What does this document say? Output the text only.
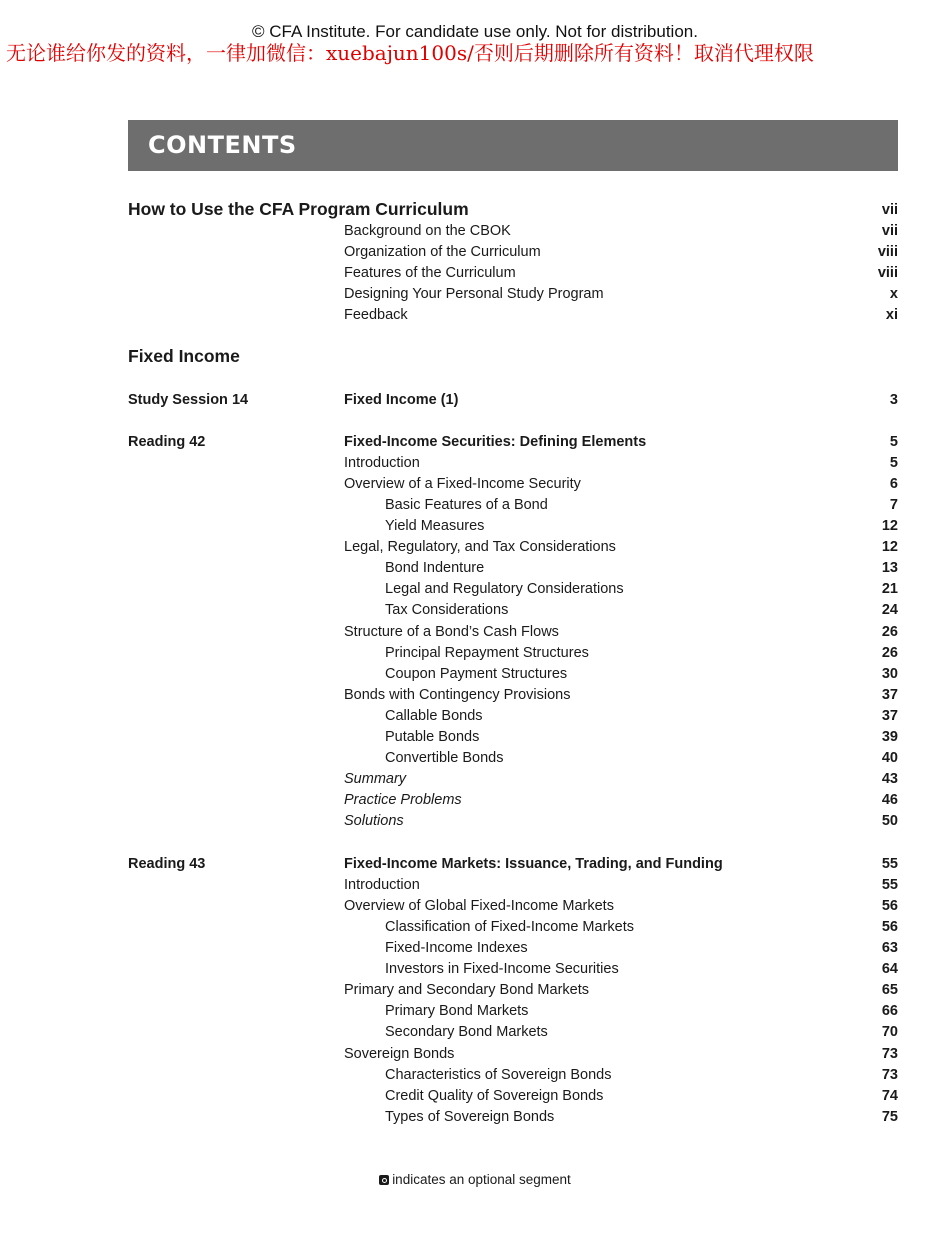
© CFA Institute. For candidate use only. Not for distribution.
无论谁给你发的资料，一律加微信：xuebajun100s/否则后期删除所有资料！取消代理权限
CONTENTS
How to Use the CFA Program Curriculum	vii
Background on the CBOK	vii
Organization of the Curriculum	viii
Features of the Curriculum	viii
Designing Your Personal Study Program	x
Feedback	xi
Fixed Income
Study Session 14	Fixed Income (1)	3
Reading 42	Fixed-Income Securities: Defining Elements	5
Introduction	5
Overview of a Fixed-Income Security	6
Basic Features of a Bond	7
Yield Measures	12
Legal, Regulatory, and Tax Considerations	12
Bond Indenture	13
Legal and Regulatory Considerations	21
Tax Considerations	24
Structure of a Bond’s Cash Flows	26
Principal Repayment Structures	26
Coupon Payment Structures	30
Bonds with Contingency Provisions	37
Callable Bonds	37
Putable Bonds	39
Convertible Bonds	40
Summary	43
Practice Problems	46
Solutions	50
Reading 43	Fixed-Income Markets: Issuance, Trading, and Funding	55
Introduction	55
Overview of Global Fixed-Income Markets	56
Classification of Fixed-Income Markets	56
Fixed-Income Indexes	63
Investors in Fixed-Income Securities	64
Primary and Secondary Bond Markets	65
Primary Bond Markets	66
Secondary Bond Markets	70
Sovereign Bonds	73
Characteristics of Sovereign Bonds	73
Credit Quality of Sovereign Bonds	74
Types of Sovereign Bonds	75
indicates an optional segment
